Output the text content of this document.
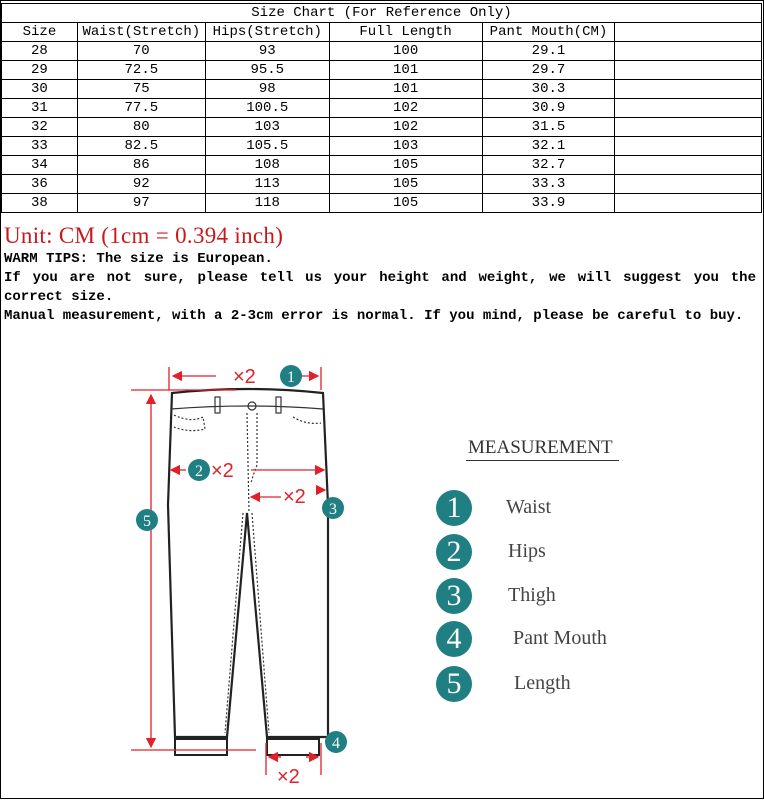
Size Chart (For Reference Only)					
Size	Waist(Stretch)	Hips(Stretch)	Full Length	Pant Mouth(CM)	
28	70	93	100	29.1	
29	72.5	95.5	101	29.7	
30	75	98	101	30.3	
31	77.5	100.5	102	30.9	
32	80	103	102	31.5	
33	82.5	105.5	103	32.1	
34	86	108	105	32.7	
36	92	113	105	33.3	
38	97	118	105	33.9	
Unit: CM (1cm = 0.394 inch)
WARM TIPS: The size is European.
If you are not sure, please tell us your height and weight, we will suggest you the correct size.
Manual measurement, with a 2-3cm error is normal. If you mind, please be careful to buy.
×2
×2
×2
×2
1
2
3
4
5
MEASUREMENT
1	Waist
2	Hips
3	Thigh
4	Pant Mouth
5	Length
